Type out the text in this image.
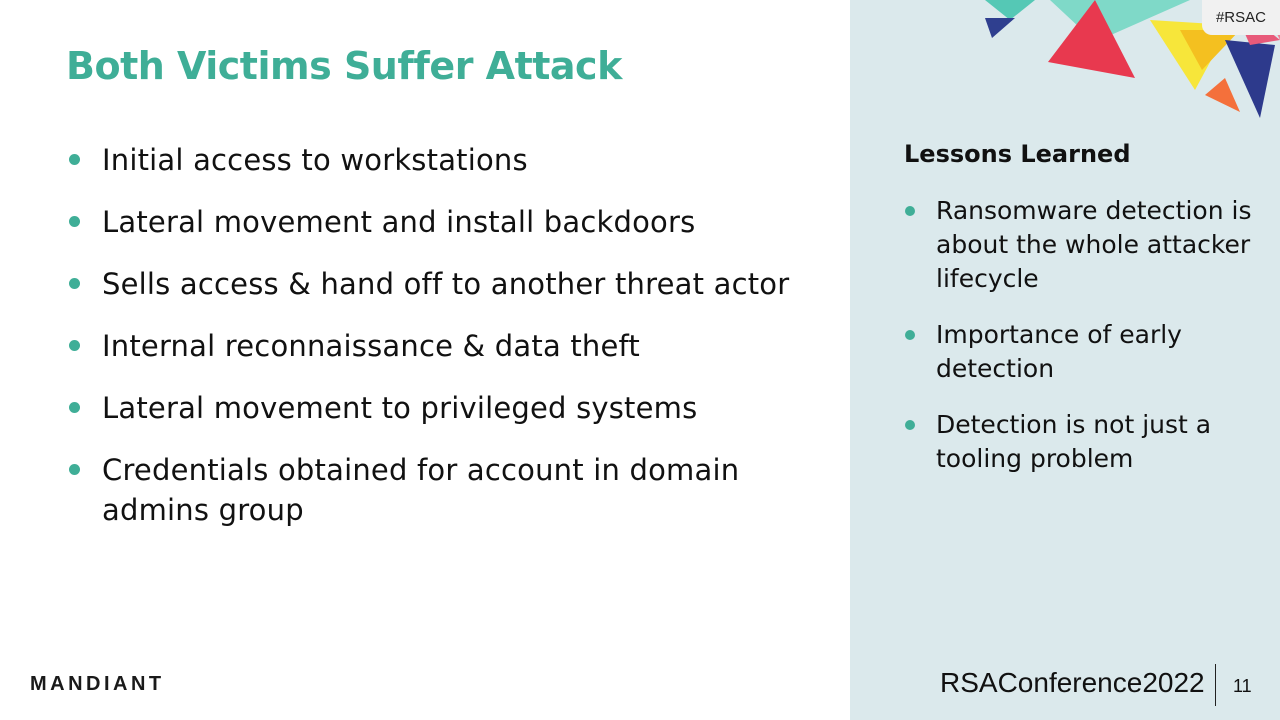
#RSAC
Both Victims Suffer Attack
Initial access to workstations
Lateral movement and install backdoors
Sells access & hand off to another threat actor
Internal reconnaissance & data theft
Lateral movement to privileged systems
Credentials obtained for account in domain admins group
Lessons Learned
Ransomware detection is about the whole attacker lifecycle
Importance of early detection
Detection is not just a tooling problem
MANDIANT	RSAConference2022 11
